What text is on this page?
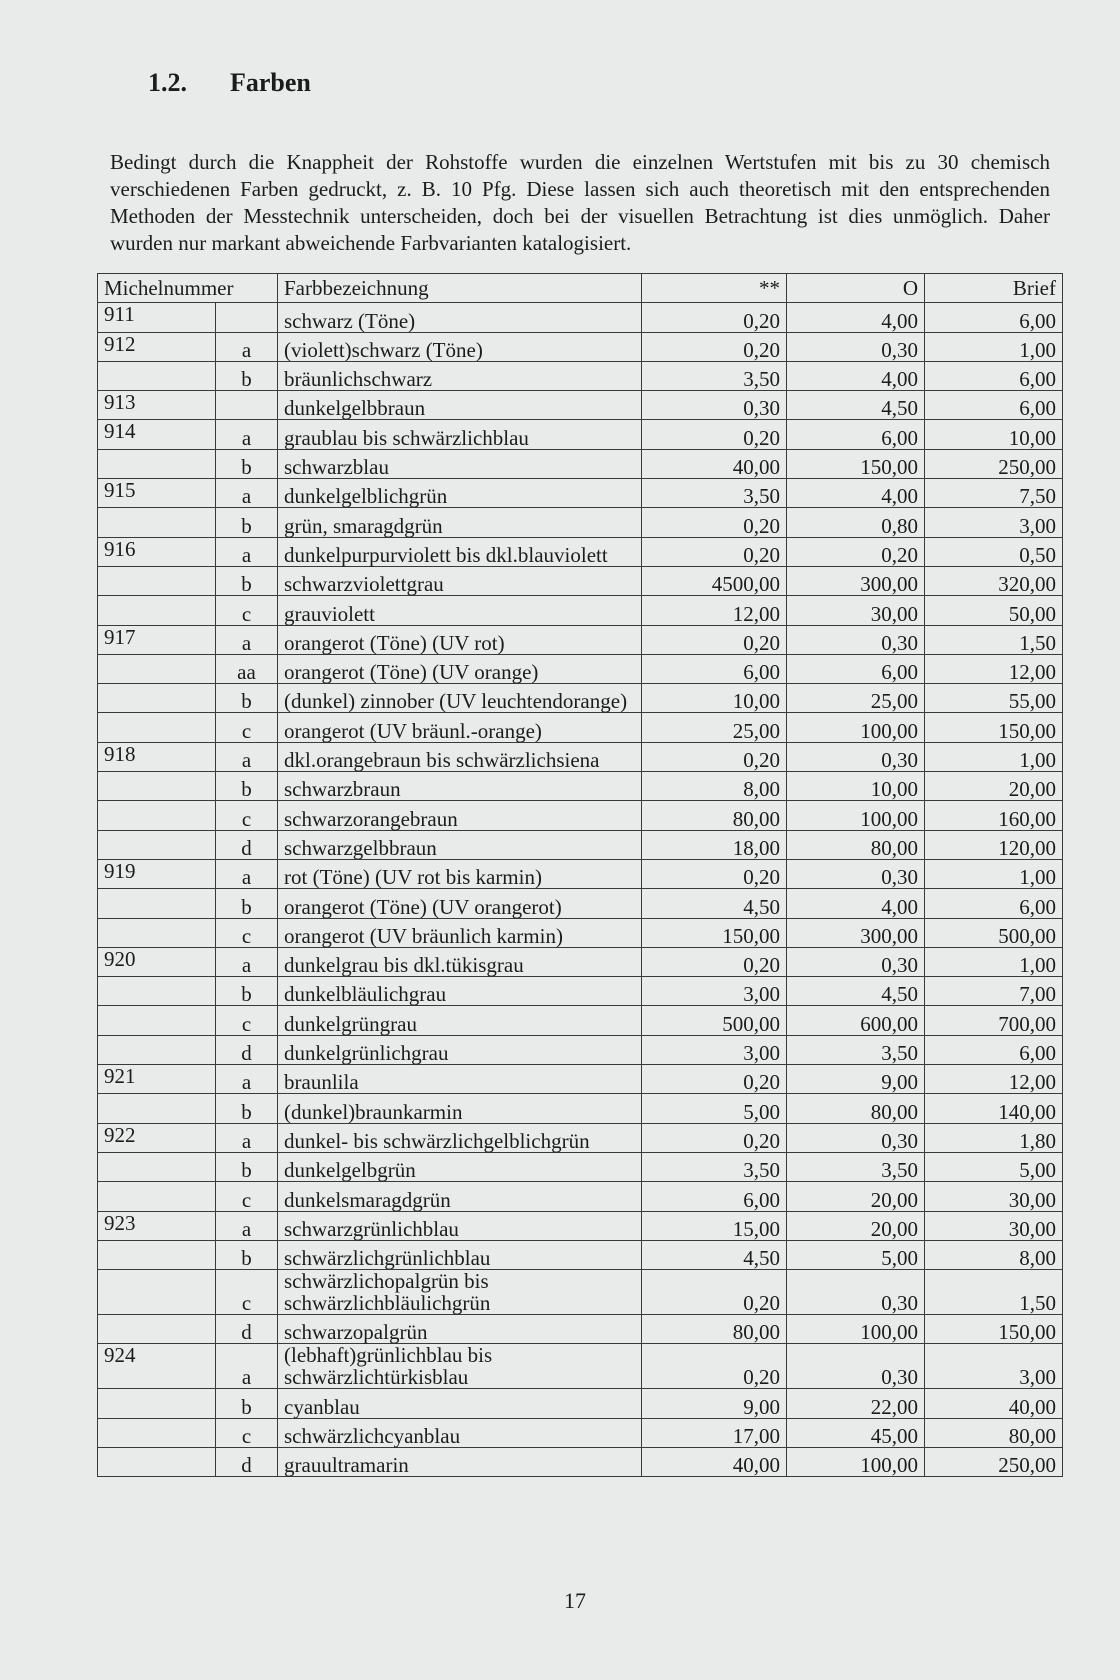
1.2. Farben

Bedingt durch die Knappheit der Rohstoffe wurden die einzelnen Wertstufen mit bis zu 30 chemisch verschiedenen Farben gedruckt, z. B. 10 Pfg. Diese lassen sich auch theoretisch mit den entsprechenden Methoden der Messtechnik unterscheiden, doch bei der visuellen Betrachtung ist dies unmöglich. Daher wurden nur markant abweichende Farbvarianten katalogisiert.

Michelnummer		Farbbezeichnung	**	O	Brief
911		schwarz (Töne)	0,20	4,00	6,00
912	a	(violett)schwarz (Töne)	0,20	0,30	1,00
	b	bräunlichschwarz	3,50	4,00	6,00
913		dunkelgelbbraun	0,30	4,50	6,00
914	a	graublau bis schwärzlichblau	0,20	6,00	10,00
	b	schwarzblau	40,00	150,00	250,00
915	a	dunkelgelblichgrün	3,50	4,00	7,50
	b	grün, smaragdgrün	0,20	0,80	3,00
916	a	dunkelpurpurviolett bis dkl.blauviolett	0,20	0,20	0,50
	b	schwarzviolettgrau	4500,00	300,00	320,00
	c	grauviolett	12,00	30,00	50,00
917	a	orangerot (Töne) (UV rot)	0,20	0,30	1,50
	aa	orangerot (Töne) (UV orange)	6,00	6,00	12,00
	b	(dunkel) zinnober (UV leuchtendorange)	10,00	25,00	55,00
	c	orangerot (UV bräunl.-orange)	25,00	100,00	150,00
918	a	dkl.orangebraun bis schwärzlichsiena	0,20	0,30	1,00
	b	schwarzbraun	8,00	10,00	20,00
	c	schwarzorangebraun	80,00	100,00	160,00
	d	schwarzgelbbraun	18,00	80,00	120,00
919	a	rot (Töne) (UV rot bis karmin)	0,20	0,30	1,00
	b	orangerot (Töne) (UV orangerot)	4,50	4,00	6,00
	c	orangerot (UV bräunlich karmin)	150,00	300,00	500,00
920	a	dunkelgrau bis dkl.tükisgrau	0,20	0,30	1,00
	b	dunkelbläulichgrau	3,00	4,50	7,00
	c	dunkelgrüngrau	500,00	600,00	700,00
	d	dunkelgrünlichgrau	3,00	3,50	6,00
921	a	braunlila	0,20	9,00	12,00
	b	(dunkel)braunkarmin	5,00	80,00	140,00
922	a	dunkel- bis schwärzlichgelblichgrün	0,20	0,30	1,80
	b	dunkelgelbgrün	3,50	3,50	5,00
	c	dunkelsmaragdgrün	6,00	20,00	30,00
923	a	schwarzgrünlichblau	15,00	20,00	30,00
	b	schwärzlichgrünlichblau	4,50	5,00	8,00
	c	schwärzlichopalgrün bis schwärzlichbläulichgrün	0,20	0,30	1,50
	d	schwarzopalgrün	80,00	100,00	150,00
924	a	(lebhaft)grünlichblau bis schwärzlichtürkisblau	0,20	0,30	3,00
	b	cyanblau	9,00	22,00	40,00
	c	schwärzlichcyanblau	17,00	45,00	80,00
	d	grauultramarin	40,00	100,00	250,00
17
